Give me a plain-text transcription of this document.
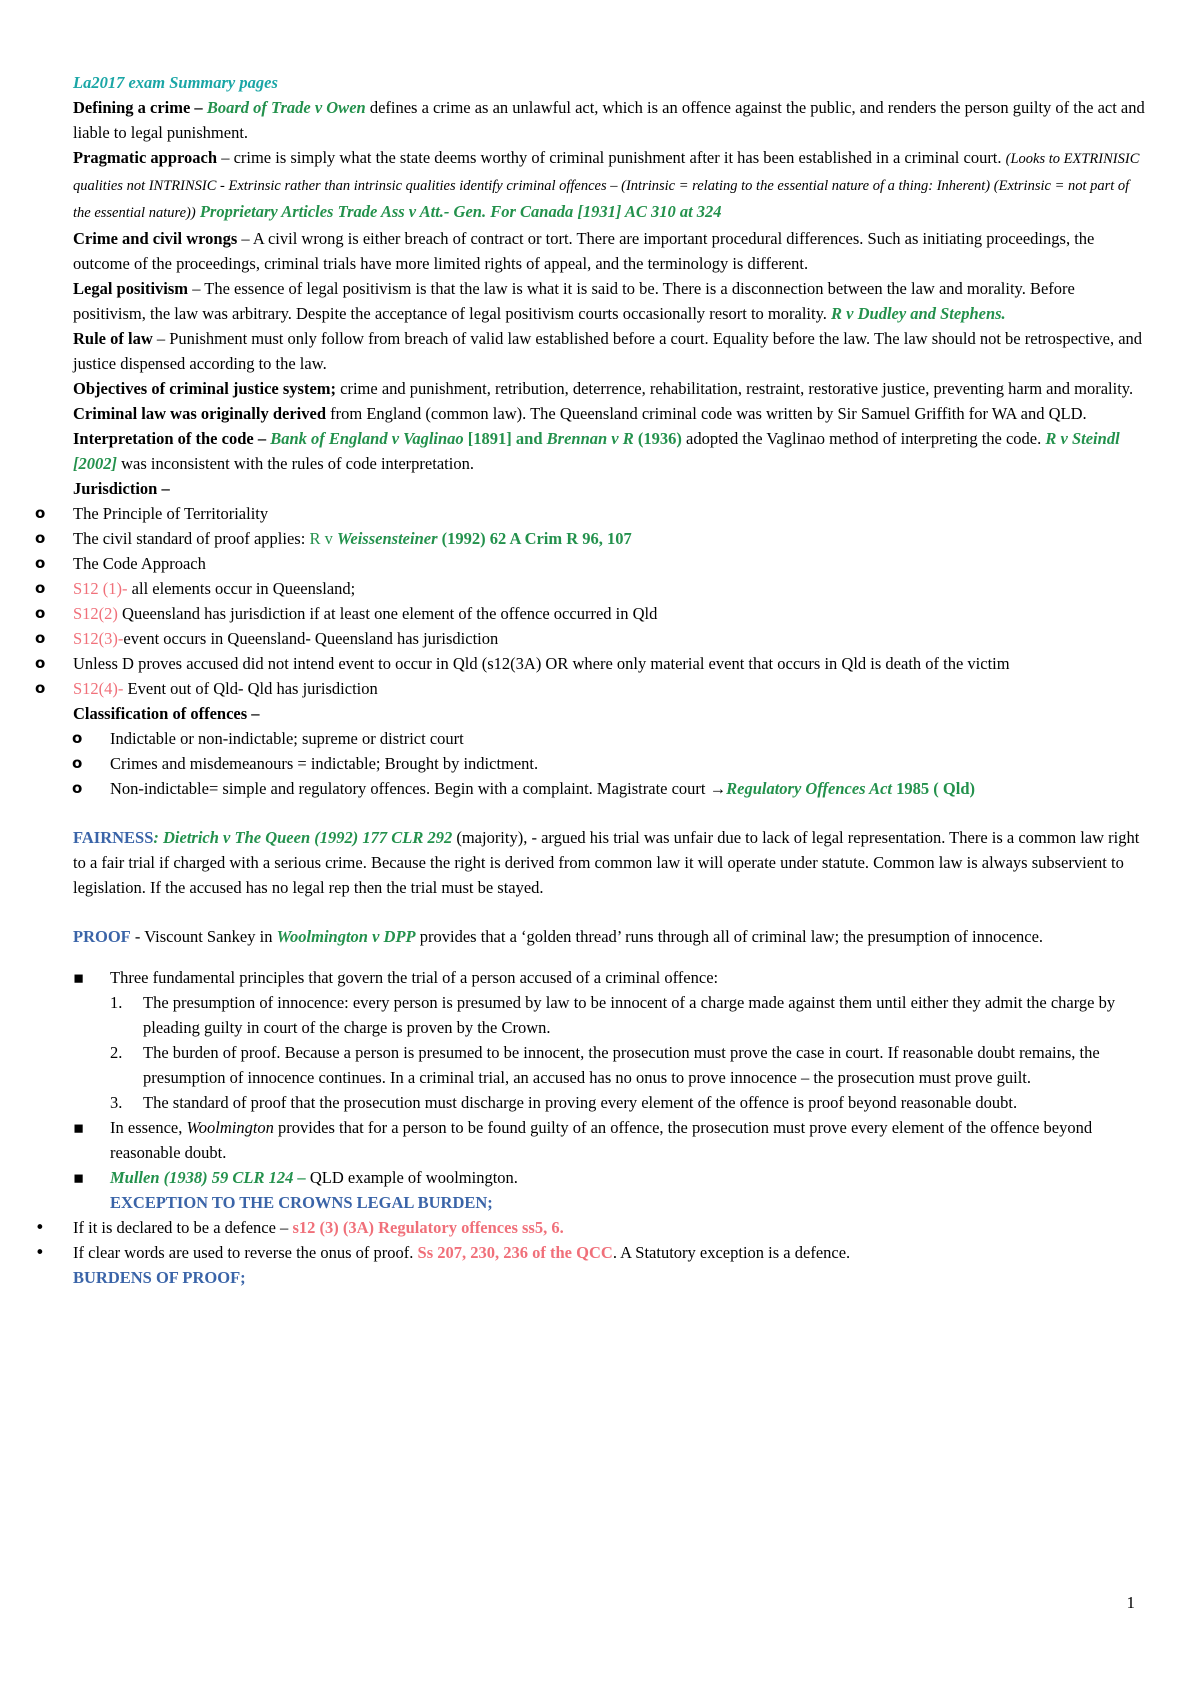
La2017 exam Summary pages

Defining a crime – Board of Trade v Owen defines a crime as an unlawful act, which is an offence against the public, and renders the person guilty of the act and liable to legal punishment.

Pragmatic approach – crime is simply what the state deems worthy of criminal punishment after it has been established in a criminal court. (Looks to EXTRINISIC qualities not INTRINSIC - Extrinsic rather than intrinsic qualities identify criminal offences – (Intrinsic = relating to the essential nature of a thing: Inherent) (Extrinsic = not part of the essential nature)) Proprietary Articles Trade Ass v Att.- Gen. For Canada [1931] AC 310 at 324

Crime and civil wrongs – A civil wrong is either breach of contract or tort. There are important procedural differences. Such as initiating proceedings, the outcome of the proceedings, criminal trials have more limited rights of appeal, and the terminology is different.

Legal positivism – The essence of legal positivism is that the law is what it is said to be. There is a disconnection between the law and morality. Before positivism, the law was arbitrary. Despite the acceptance of legal positivism courts occasionally resort to morality. R v Dudley and Stephens.

Rule of law – Punishment must only follow from breach of valid law established before a court. Equality before the law. The law should not be retrospective, and justice dispensed according to the law.

Objectives of criminal justice system; crime and punishment, retribution, deterrence, rehabilitation, restraint, restorative justice, preventing harm and morality.

Criminal law was originally derived from England (common law). The Queensland criminal code was written by Sir Samuel Griffith for WA and QLD.

Interpretation of the code – Bank of England v Vaglinao [1891] and Brennan v R (1936) adopted the Vaglinao method of interpreting the code. R v Steindl [2002] was inconsistent with the rules of code interpretation.

Jurisdiction –

o The Principle of Territoriality
o The civil standard of proof applies: R v Weissensteiner (1992) 62 A Crim R 96, 107
o The Code Approach
o S12 (1)- all elements occur in Queensland;
o S12(2) Queensland has jurisdiction if at least one element of the offence occurred in Qld
o S12(3)-event occurs in Queensland- Queensland has jurisdiction
o Unless D proves accused did not intend event to occur in Qld (s12(3A) OR where only material event that occurs in Qld is death of the victim
o S12(4)- Event out of Qld- Qld has jurisdiction

Classification of offences –

o Indictable or non-indictable; supreme or district court
o Crimes and misdemeanours = indictable; Brought by indictment.
o Non-indictable= simple and regulatory offences. Begin with a complaint. Magistrate court →Regulatory Offences Act 1985 ( Qld)

FAIRNESS: Dietrich v The Queen (1992) 177 CLR 292 (majority), - argued his trial was unfair due to lack of legal representation. There is a common law right to a fair trial if charged with a serious crime. Because the right is derived from common law it will operate under statute. Common law is always subservient to legislation. If the accused has no legal rep then the trial must be stayed.

PROOF - Viscount Sankey in Woolmington v DPP provides that a ‘golden thread’ runs through all of criminal law; the presumption of innocence.

▪ Three fundamental principles that govern the trial of a person accused of a criminal offence:
1. The presumption of innocence: every person is presumed by law to be innocent of a charge made against them until either they admit the charge by pleading guilty in court of the charge is proven by the Crown.
2. The burden of proof. Because a person is presumed to be innocent, the prosecution must prove the case in court. If reasonable doubt remains, the presumption of innocence continues. In a criminal trial, an accused has no onus to prove innocence – the prosecution must prove guilt.
3. The standard of proof that the prosecution must discharge in proving every element of the offence is proof beyond reasonable doubt.
▪ In essence, Woolmington provides that for a person to be found guilty of an offence, the prosecution must prove every element of the offence beyond reasonable doubt.
▪ Mullen (1938) 59 CLR 124 – QLD example of woolmington.

EXCEPTION TO THE CROWNS LEGAL BURDEN;

• If it is declared to be a defence – s12 (3) (3A) Regulatory offences ss5, 6.
• If clear words are used to reverse the onus of proof. Ss 207, 230, 236 of the QCC. A Statutory exception is a defence.

BURDENS OF PROOF;

1
